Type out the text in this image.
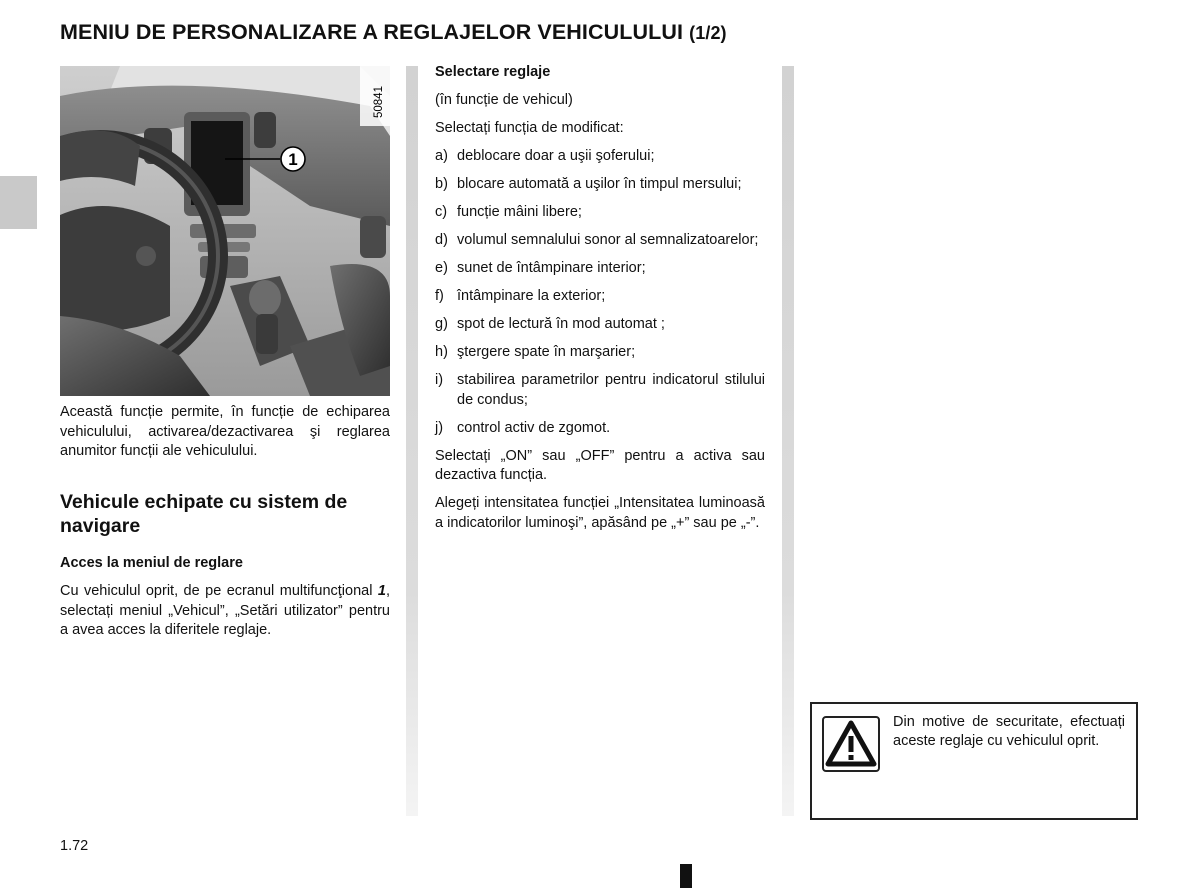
MENIU DE PERSONALIZARE A REGLAJELOR VEHICULULUI (1/2)
1
50841

Această funcție permite, în funcție de echiparea vehiculului, activarea/dezactivarea şi reglarea anumitor funcții ale vehiculului.

Vehicule echipate cu sistem de navigare

Acces la meniul de reglare

Cu vehiculul oprit, de pe ecranul multifuncţional 1, selectați meniul „Vehicul”, „Setări utilizator” pentru a avea acces la diferitele reglaje.

Selectare reglaje

(în funcție de vehicul)

Selectați funcția de modificat:

a) deblocare doar a uşii şoferului;
b) blocare automată a uşilor în timpul mersului;
c) funcție mâini libere;
d) volumul semnalului sonor al semnalizatoarelor;
e) sunet de întâmpinare interior;
f) întâmpinare la exterior;
g) spot de lectură în mod automat ;
h) ştergere spate în marşarier;
i) stabilirea parametrilor pentru indicatorul stilului de condus;
j) control activ de zgomot.

Selectați „ON” sau „OFF” pentru a activa sau dezactiva funcția.

Alegeți intensitatea funcției „Intensitatea luminoasă a indicatorilor luminoşi”, apăsând pe „+” sau pe „-”.

Din motive de securitate, efectuați aceste reglaje cu vehiculul oprit.

1.72
